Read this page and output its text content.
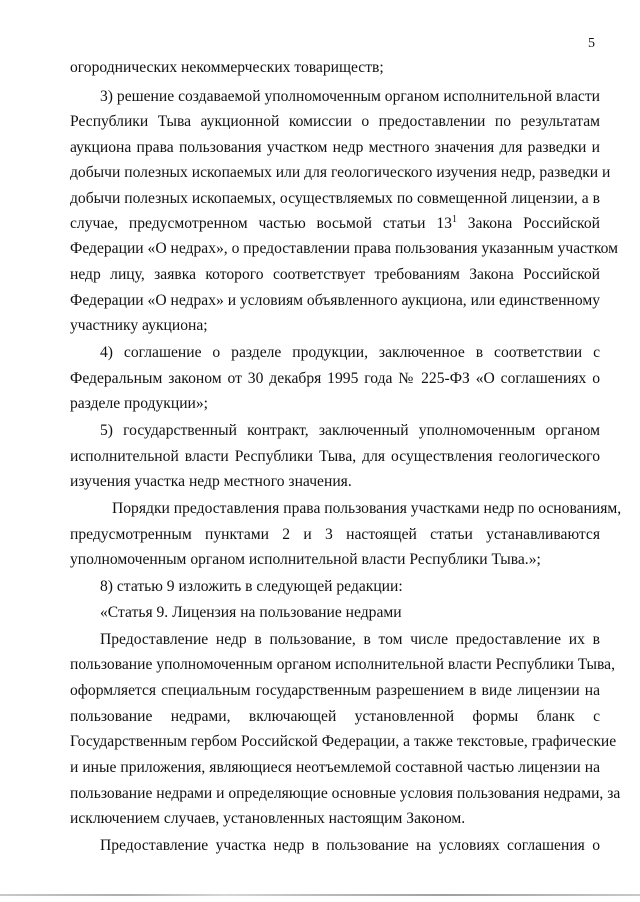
5
огороднических некоммерческих товариществ;
3) решение создаваемой уполномоченным органом исполнительной власти
Республики Тыва аукционной комиссии о предоставлении по результатам
аукциона права пользования участком недр местного значения для разведки и
добычи полезных ископаемых или для геологического изучения недр, разведки и
добычи полезных ископаемых, осуществляемых по совмещенной лицензии, а в
случае, предусмотренном частью восьмой статьи $13^1$ Закона Российской
Федерации «О недрах», о предоставлении права пользования указанным участком
недр лицу, заявка которого соответствует требованиям Закона Российской
Федерации «О недрах» и условиям объявленного аукциона, или единственному
участнику аукциона;
4) соглашение о разделе продукции, заключенное в соответствии с
Федеральным законом от 30 декабря 1995 года № 225-ФЗ «О соглашениях о
разделе продукции»;
5) государственный контракт, заключенный уполномоченным органом
исполнительной власти Республики Тыва, для осуществления геологического
изучения участка недр местного значения.
Порядки предоставления права пользования участками недр по основаниям,
предусмотренным пунктами 2 и 3 настоящей статьи устанавливаются
уполномоченным органом исполнительной власти Республики Тыва.»;
8) статью 9 изложить в следующей редакции:
«Статья 9. Лицензия на пользование недрами
Предоставление недр в пользование, в том числе предоставление их в
пользование уполномоченным органом исполнительной власти Республики Тыва,
оформляется специальным государственным разрешением в виде лицензии на
пользование недрами, включающей установленной формы бланк с
Государственным гербом Российской Федерации, а также текстовые, графические
и иные приложения, являющиеся неотъемлемой составной частью лицензии на
пользование недрами и определяющие основные условия пользования недрами, за
исключением случаев, установленных настоящим Законом.
Предоставление участка недр в пользование на условиях соглашения о
